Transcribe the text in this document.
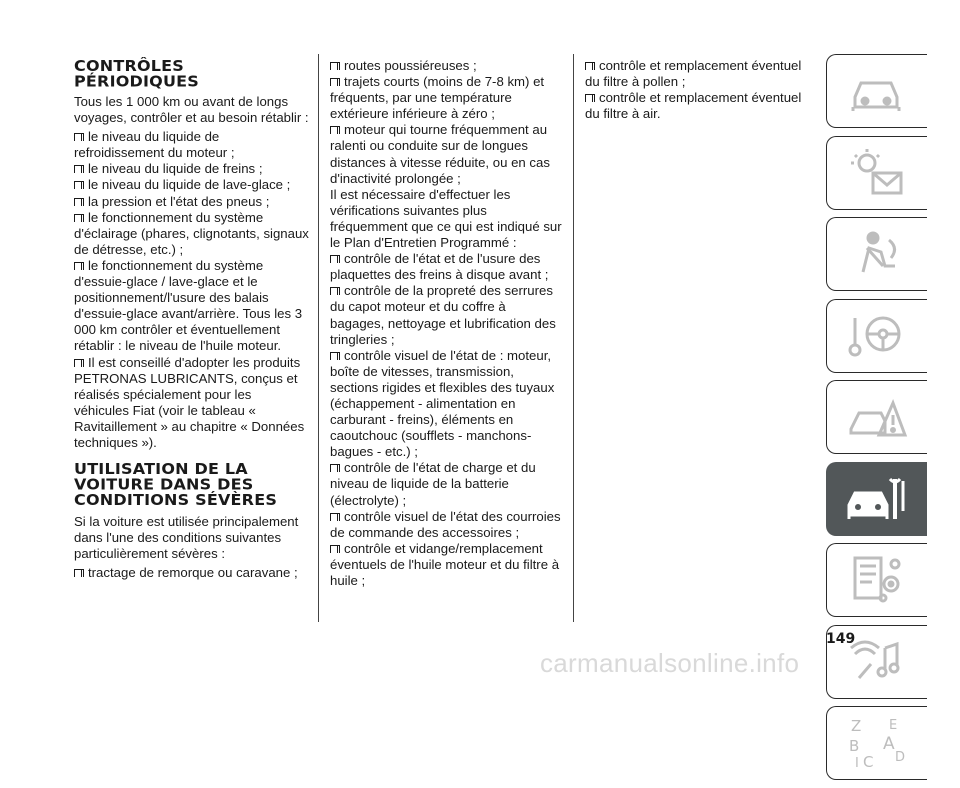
CONTRÔLES
PÉRIODIQUES

Tous les 1 000 km ou avant de longs voyages, contrôler et au besoin rétablir :

le niveau du liquide de refroidissement du moteur ;

le niveau du liquide de freins ;

le niveau du liquide de lave-glace ;

la pression et l'état des pneus ;

le fonctionnement du système d'éclairage (phares, clignotants, signaux de détresse, etc.) ;

le fonctionnement du système d'essuie-glace / lave-glace et le positionnement/l'usure des balais d'essuie-glace avant/arrière. Tous les 3 000 km contrôler et éventuellement rétablir : le niveau de l'huile moteur.

Il est conseillé d'adopter les produits PETRONAS LUBRICANTS, conçus et réalisés spécialement pour les véhicules Fiat (voir le tableau « Ravitaillement » au chapitre « Données techniques »).

UTILISATION DE LA
VOITURE DANS DES
CONDITIONS SÉVÈRES

Si la voiture est utilisée principalement dans l'une des conditions suivantes particulièrement sévères :

tractage de remorque ou caravane ;

routes poussiéreuses ;

trajets courts (moins de 7-8 km) et fréquents, par une température extérieure inférieure à zéro ;

moteur qui tourne fréquemment au ralenti ou conduite sur de longues distances à vitesse réduite, ou en cas d'inactivité prolongée ;

Il est nécessaire d'effectuer les vérifications suivantes plus fréquemment que ce qui est indiqué sur le Plan d'Entretien Programmé :

contrôle de l'état et de l'usure des plaquettes des freins à disque avant ;

contrôle de la propreté des serrures du capot moteur et du coffre à bagages, nettoyage et lubrification des tringleries ;

contrôle visuel de l'état de : moteur, boîte de vitesses, transmission, sections rigides et flexibles des tuyaux (échappement - alimentation en carburant - freins), éléments en caoutchouc (soufflets - manchons-bagues - etc.) ;

contrôle de l'état de charge et du niveau de liquide de la batterie (électrolyte) ;

contrôle visuel de l'état des courroies de commande des accessoires ;

contrôle et vidange/remplacement éventuels de l'huile moteur et du filtre à huile ;

contrôle et remplacement éventuel du filtre à pollen ;

contrôle et remplacement éventuel du filtre à air.

Z E
A
B
C D
I
149
carmanualsonline.info
